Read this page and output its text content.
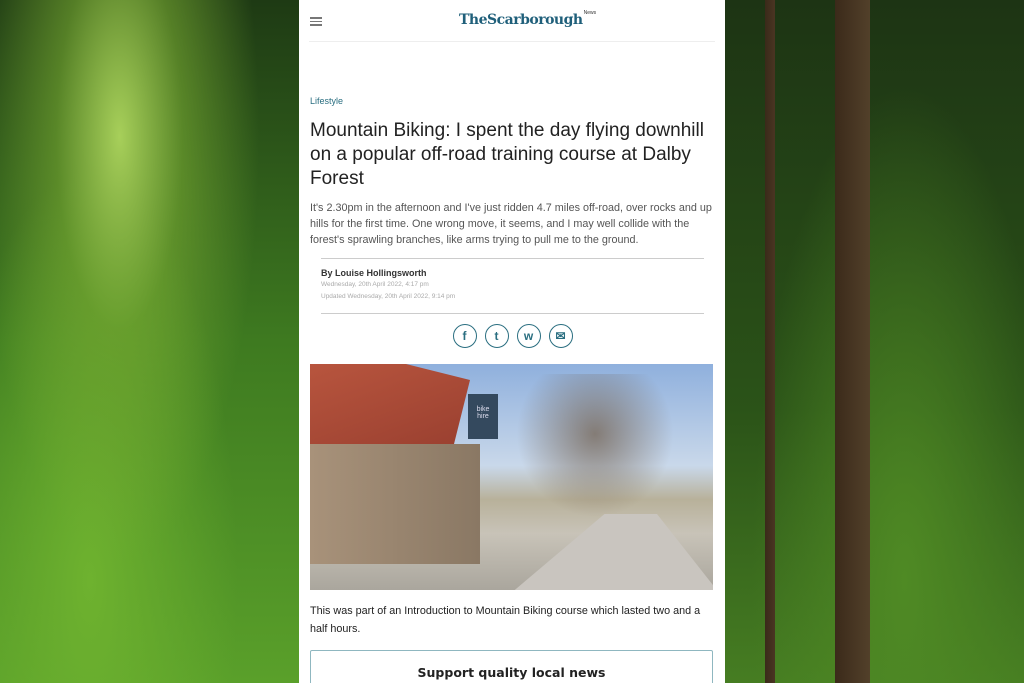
TheScarboroughNews
Lifestyle
Mountain Biking: I spent the day flying downhill on a popular off-road training course at Dalby Forest

It's 2.30pm in the afternoon and I've just ridden 4.7 miles off-road, over rocks and up hills for the first time. One wrong move, it seems, and I may well collide with the forest's sprawling branches, like arms trying to pull me to the ground.

By Louise Hollingsworth
Wednesday, 20th April 2022, 4:17 pm
Updated Wednesday, 20th April 2022, 9:14 pm
f	t	w	✉
bike hire

This was part of an Introduction to Mountain Biking course which lasted two and a half hours.

Support quality local news
